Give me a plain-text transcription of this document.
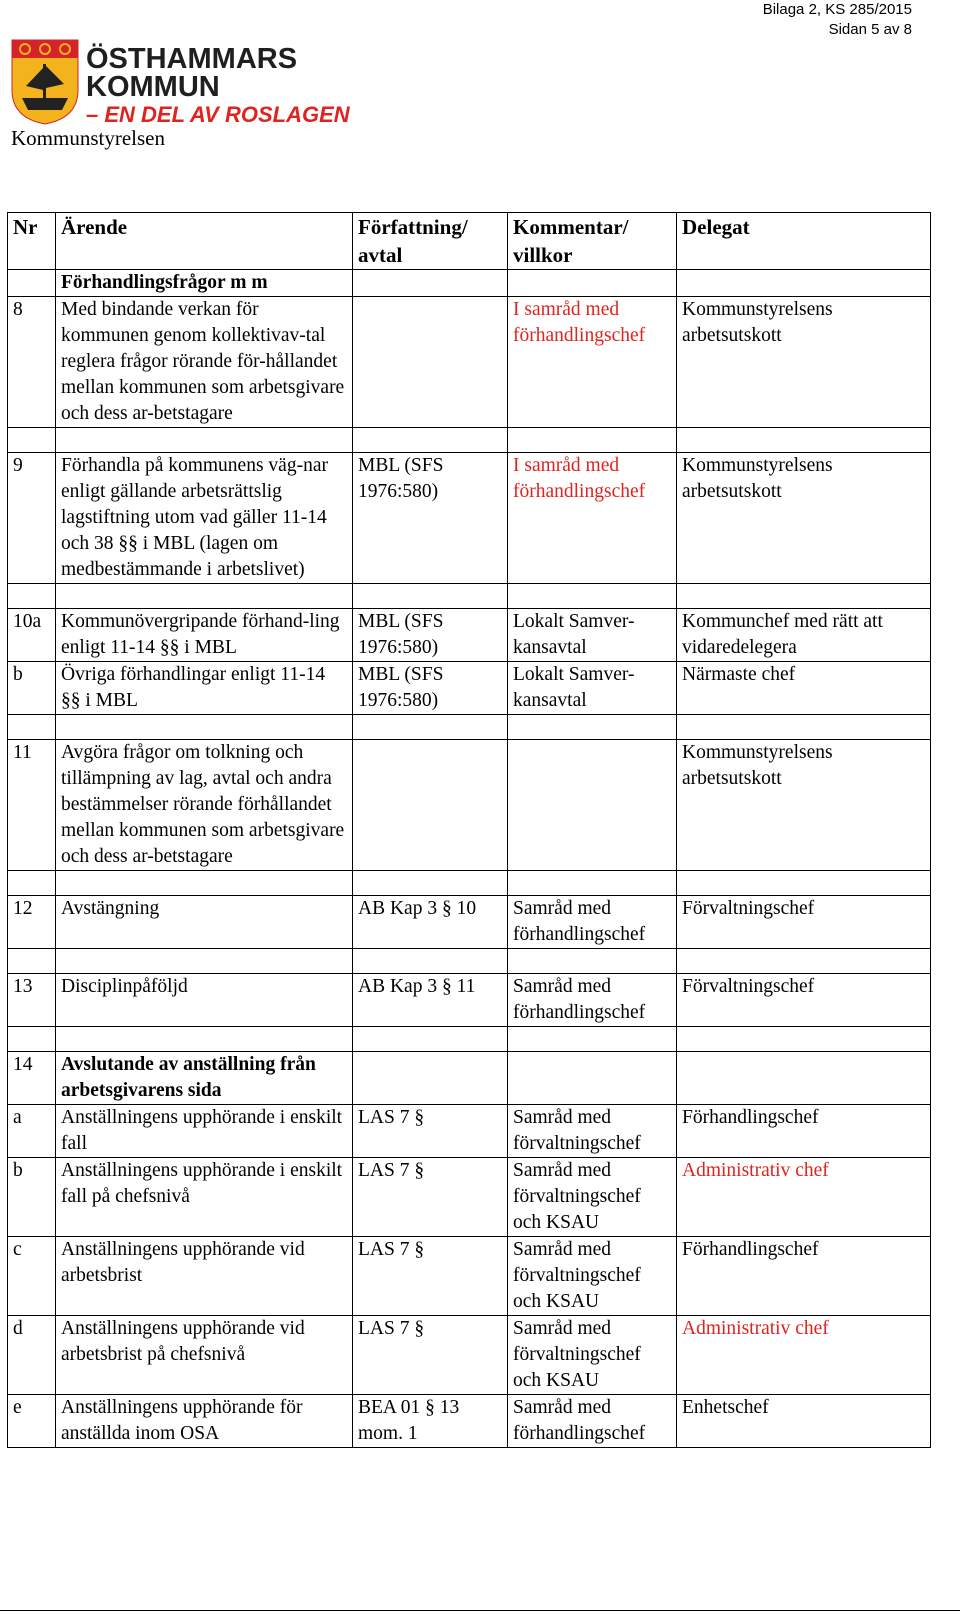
Bilaga 2, KS 285/2015
Sidan 5 av 8
ÖSTHAMMARS
KOMMUN
– EN DEL AV ROSLAGEN
Kommunstyrelsen
Nr	Ärende	Författning/ avtal	Kommentar/ villkor	Delegat
	Förhandlingsfrågor m m			
8	Med bindande verkan för kommunen genom kollektivav-tal reglera frågor rörande för-hållandet mellan kommunen som arbetsgivare och dess ar-betstagare		I samråd med förhandlingschef	Kommunstyrelsens arbetsutskott

9	Förhandla på kommunens väg-nar enligt gällande arbetsrättslig lagstiftning utom vad gäller 11-14 och 38 §§ i MBL (lagen om medbestämmande i arbetslivet)	MBL (SFS 1976:580)	I samråd med förhandlingschef	Kommunstyrelsens arbetsutskott

10a	Kommunövergripande förhand-ling enligt 11-14 §§ i MBL	MBL (SFS 1976:580)	Lokalt Samver-kansavtal	Kommunchef med rätt att vidaredelegera
b	Övriga förhandlingar enligt 11-14 §§ i MBL	MBL (SFS 1976:580)	Lokalt Samver-kansavtal	Närmaste chef

11	Avgöra frågor om tolkning och tillämpning av lag, avtal och andra bestämmelser rörande förhållandet mellan kommunen som arbetsgivare och dess ar-betstagare			Kommunstyrelsens arbetsutskott

12	Avstängning	AB Kap 3 § 10	Samråd med förhandlingschef	Förvaltningschef

13	Disciplinpåföljd	AB Kap 3 § 11	Samråd med förhandlingschef	Förvaltningschef

14	Avslutande av anställning från arbetsgivarens sida			
a	Anställningens upphörande i enskilt fall	LAS 7 §	Samråd med förvaltningschef	Förhandlingschef
b	Anställningens upphörande i enskilt fall på chefsnivå	LAS 7 §	Samråd med förvaltningschef och KSAU	Administrativ chef
c	Anställningens upphörande vid arbetsbrist	LAS 7 §	Samråd med förvaltningschef och KSAU	Förhandlingschef
d	Anställningens upphörande vid arbetsbrist på chefsnivå	LAS 7 §	Samråd med förvaltningschef och KSAU	Administrativ chef
e	Anställningens upphörande för anställda inom OSA	BEA 01 § 13 mom. 1	Samråd med förhandlingschef	Enhetschef
